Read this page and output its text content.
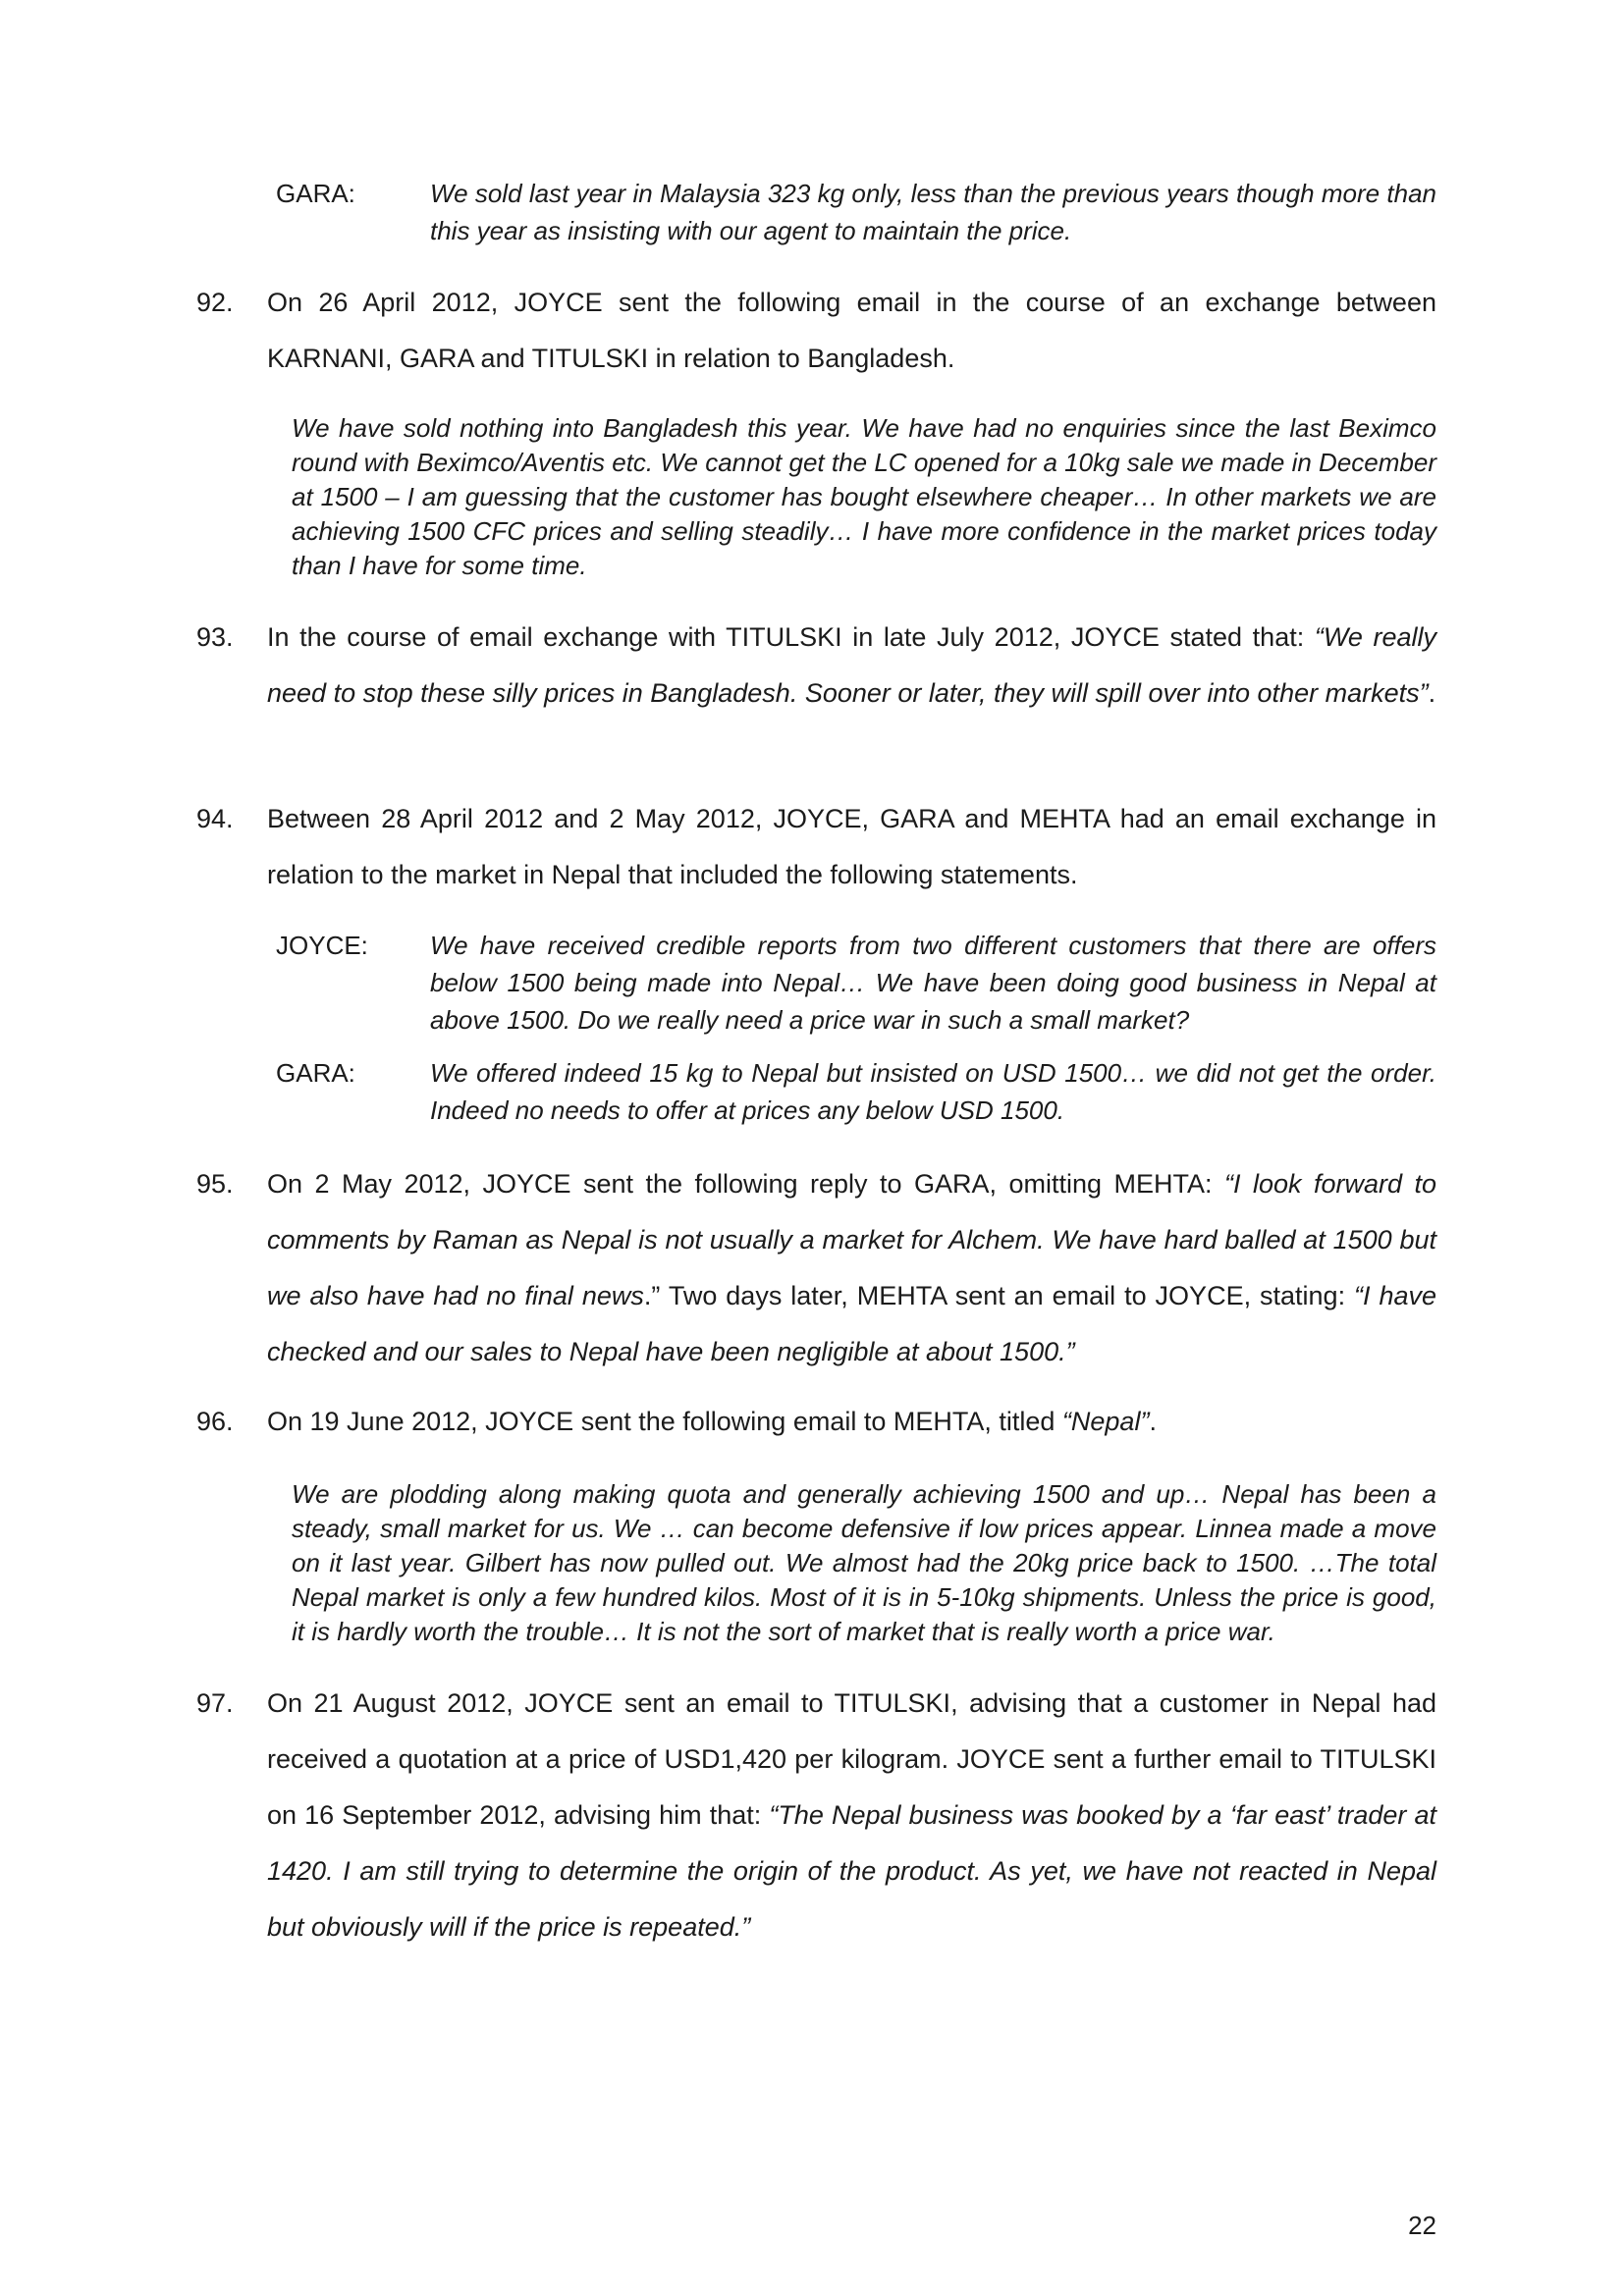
GARA:	We sold last year in Malaysia 323 kg only, less than the previous years though more than this year as insisting with our agent to maintain the price.
92.	On 26 April 2012, JOYCE sent the following email in the course of an exchange between KARNANI, GARA and TITULSKI in relation to Bangladesh.
We have sold nothing into Bangladesh this year. We have had no enquiries since the last Beximco round with Beximco/Aventis etc. We cannot get the LC opened for a 10kg sale we made in December at 1500 – I am guessing that the customer has bought elsewhere cheaper… In other markets we are achieving 1500 CFC prices and selling steadily… I have more confidence in the market prices today than I have for some time.
93.	In the course of email exchange with TITULSKI in late July 2012, JOYCE stated that: “We really need to stop these silly prices in Bangladesh. Sooner or later, they will spill over into other markets”.
94.	Between 28 April 2012 and 2 May 2012, JOYCE, GARA and MEHTA had an email exchange in relation to the market in Nepal that included the following statements.
JOYCE:	We have received credible reports from two different customers that there are offers below 1500 being made into Nepal… We have been doing good business in Nepal at above 1500. Do we really need a price war in such a small market?
GARA:	We offered indeed 15 kg to Nepal but insisted on USD 1500… we did not get the order. Indeed no needs to offer at prices any below USD 1500.
95.	On 2 May 2012, JOYCE sent the following reply to GARA, omitting MEHTA: “I look forward to comments by Raman as Nepal is not usually a market for Alchem. We have hard balled at 1500 but we also have had no final news.” Two days later, MEHTA sent an email to JOYCE, stating: “I have checked and our sales to Nepal have been negligible at about 1500.”
96.	On 19 June 2012, JOYCE sent the following email to MEHTA, titled “Nepal”.
We are plodding along making quota and generally achieving 1500 and up… Nepal has been a steady, small market for us. We … can become defensive if low prices appear. Linnea made a move on it last year. Gilbert has now pulled out. We almost had the 20kg price back to 1500. …The total Nepal market is only a few hundred kilos. Most of it is in 5-10kg shipments. Unless the price is good, it is hardly worth the trouble… It is not the sort of market that is really worth a price war.
97.	On 21 August 2012, JOYCE sent an email to TITULSKI, advising that a customer in Nepal had received a quotation at a price of USD1,420 per kilogram. JOYCE sent a further email to TITULSKI on 16 September 2012, advising him that: “The Nepal business was booked by a ‘far east’ trader at 1420. I am still trying to determine the origin of the product. As yet, we have not reacted in Nepal but obviously will if the price is repeated.”
22
